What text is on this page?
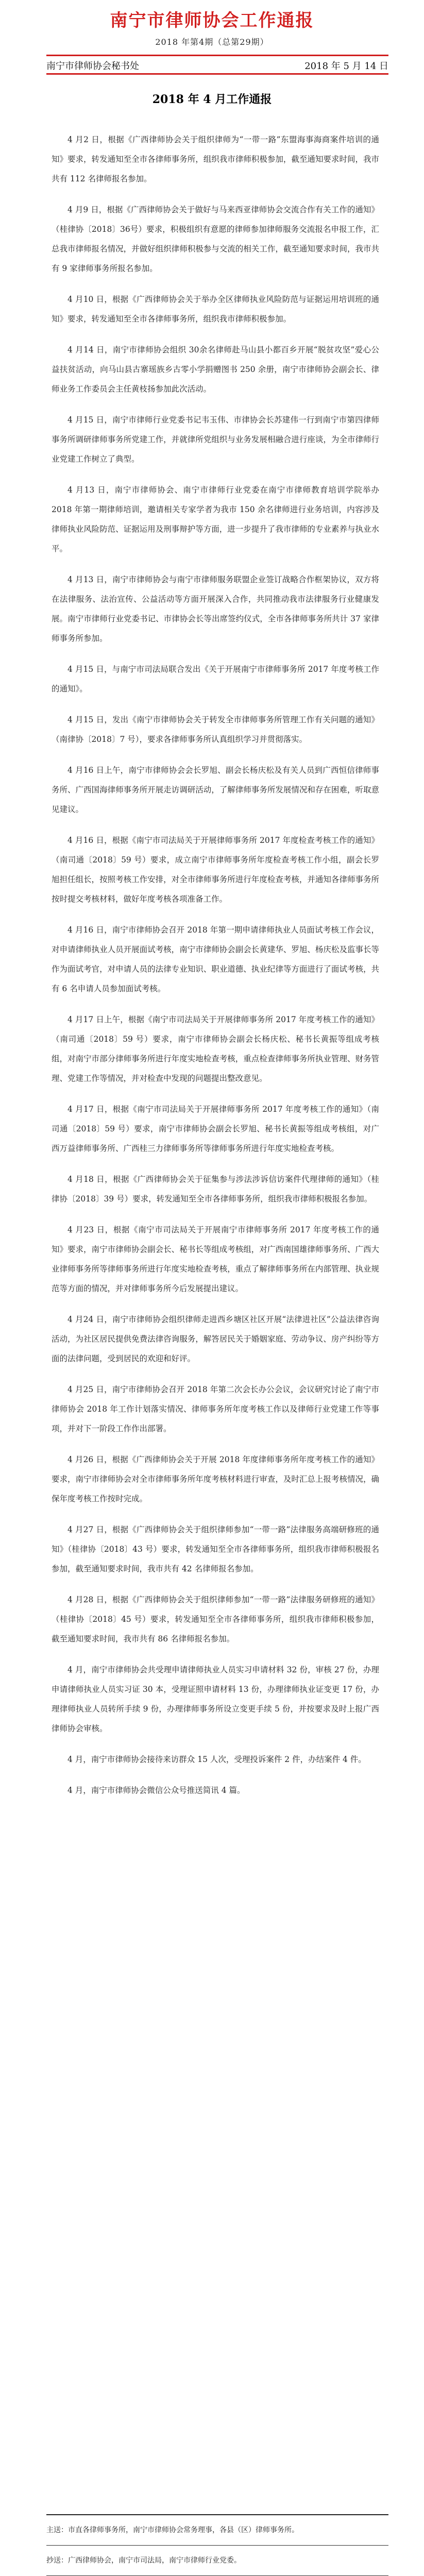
南宁市律师协会工作通报
2018 年第4期（总第29期）
南宁市律师协会秘书处	2018 年 5 月 14 日
2018 年 4 月工作通报

4 月2 日，根据《广西律师协会关于组织律师为“一带一路”东盟海事海商案件培训的通知》要求，转发通知至全市各律师事务所，组织我市律师积极参加，截至通知要求时间，我市共有 112 名律师报名参加。

4 月9 日，根据《广西律师协会关于做好与马来西亚律师协会交流合作有关工作的通知》（桂律协〔2018〕36号）要求，积极组织有意愿的律师参加律师服务交流报名申报工作，汇总我市律师报名情况，并做好组织律师积极参与交流的相关工作，截至通知要求时间，我市共有 9 家律师事务所报名参加。

4 月10 日，根据《广西律师协会关于举办全区律师执业风险防范与证据运用培训班的通知》要求，转发通知至全市各律师事务所，组织我市律师积极参加。

4 月14 日，南宁市律师协会组织 30余名律师赴马山县小都百乡开展“脱贫攻坚”爱心公益扶贫活动，向马山县古寨瑶族乡古零小学捐赠图书 250 余册，南宁市律师协会副会长、律师业务工作委员会主任黄枝扬参加此次活动。

4 月15 日，南宁市律师行业党委书记韦玉伟、市律协会长苏建伟一行到南宁市第四律师事务所调研律师事务所党建工作，并就律所党组织与业务发展相融合进行座谈，为全市律师行业党建工作树立了典型。

4 月13 日，南宁市律师协会、南宁市律师行业党委在南宁市律师教育培训学院举办 2018 年第一期律师培训，邀请相关专家学者为我市 150 余名律师进行业务培训，内容涉及律师执业风险防范、证据运用及刑事辩护等方面，进一步提升了我市律师的专业素养与执业水平。

4 月13 日，南宁市律师协会与南宁市律师服务联盟企业签订战略合作框架协议，双方将在法律服务、法治宣传、公益活动等方面开展深入合作，共同推动我市法律服务行业健康发展。南宁市律师行业党委书记、市律协会长等出席签约仪式，全市各律师事务所共计 37 家律师事务所参加。

4 月15 日，与南宁市司法局联合发出《关于开展南宁市律师事务所 2017 年度考核工作的通知》。

4 月15 日，发出《南宁市律师协会关于转发全市律师事务所管理工作有关问题的通知》（南律协〔2018〕7 号），要求各律师事务所认真组织学习并贯彻落实。

4 月16 日上午，南宁市律师协会会长罗旭、副会长杨庆松及有关人员到广西恒信律师事务所、广西国海律师事务所开展走访调研活动，了解律师事务所发展情况和存在困难，听取意见建议。

4 月16 日，根据《南宁市司法局关于开展律师事务所 2017 年度检查考核工作的通知》（南司通〔2018〕59 号）要求，成立南宁市律师事务所年度检查考核工作小组，副会长罗旭担任组长，按照考核工作安排，对全市律师事务所进行年度检查考核，并通知各律师事务所按时提交考核材料，做好年度考核各项准备工作。

4 月16 日，南宁市律师协会召开 2018 年第一期申请律师执业人员面试考核工作会议，对申请律师执业人员开展面试考核，南宁市律师协会副会长黄建华、罗旭、杨庆松及监事长等作为面试考官，对申请人员的法律专业知识、职业道德、执业纪律等方面进行了面试考核，共有 6 名申请人员参加面试考核。

4 月17 日上午，根据《南宁市司法局关于开展律师事务所 2017 年度考核工作的通知》（南司通〔2018〕59 号）要求，南宁市律师协会副会长杨庆松、秘书长黄振等组成考核组，对南宁市部分律师事务所进行年度实地检查考核，重点检查律师事务所执业管理、财务管理、党建工作等情况，并对检查中发现的问题提出整改意见。

4 月17 日，根据《南宁市司法局关于开展律师事务所 2017 年度考核工作的通知》（南司通〔2018〕59 号）要求，南宁市律师协会副会长罗旭、秘书长黄振等组成考核组，对广西万益律师事务所、广西桂三力律师事务所等律师事务所进行年度实地检查考核。

4 月18 日，根据《广西律师协会关于征集参与涉法涉诉信访案件代理律师的通知》（桂律协〔2018〕39 号）要求，转发通知至全市各律师事务所，组织我市律师积极报名参加。

4 月23 日，根据《南宁市司法局关于开展南宁市律师事务所 2017 年度考核工作的通知》要求，南宁市律师协会副会长、秘书长等组成考核组，对广西南国雄律师事务所、广西大业律师事务所等律师事务所进行年度实地检查考核，重点了解律师事务所在内部管理、执业规范等方面的情况，并对律师事务所今后发展提出建议。

4 月24 日，南宁市律师协会组织律师走进西乡塘区社区开展“法律进社区”公益法律咨询活动，为社区居民提供免费法律咨询服务，解答居民关于婚姻家庭、劳动争议、房产纠纷等方面的法律问题，受到居民的欢迎和好评。

4 月25 日，南宁市律师协会召开 2018 年第二次会长办公会议，会议研究讨论了南宁市律师协会 2018 年工作计划落实情况、律师事务所年度考核工作以及律师行业党建工作等事项，并对下一阶段工作作出部署。

4 月26 日，根据《广西律师协会关于开展 2018 年度律师事务所年度考核工作的通知》要求，南宁市律师协会对全市律师事务所年度考核材料进行审查，及时汇总上报考核情况，确保年度考核工作按时完成。

4 月27 日，根据《广西律师协会关于组织律师参加“一带一路”法律服务高端研修班的通知》（桂律协〔2018〕43 号）要求，转发通知至全市各律师事务所，组织我市律师积极报名参加，截至通知要求时间，我市共有 42 名律师报名参加。

4 月28 日，根据《广西律师协会关于组织律师参加“一带一路”法律服务研修班的通知》（桂律协〔2018〕45 号）要求，转发通知至全市各律师事务所，组织我市律师积极参加，截至通知要求时间，我市共有 86 名律师报名参加。

4 月，南宁市律师协会共受理申请律师执业人员实习申请材料 32 份，审核 27 份，办理申请律师执业人员实习证 30 本，受理证照申请材料 13 份，办理律师执业证变更 17 份，办理律师执业人员转所手续 9 份，办理律师事务所设立变更手续 5 份，并按要求及时上报广西律师协会审核。

4 月，南宁市律师协会接待来访群众 15 人次，受理投诉案件 2 件，办结案件 4 件。

4 月，南宁市律师协会微信公众号推送简讯 4 篇。

主送：市直各律师事务所，南宁市律师协会常务理事，各县（区）律师事务所。
抄送：广西律师协会，南宁市司法局，南宁市律师行业党委。
